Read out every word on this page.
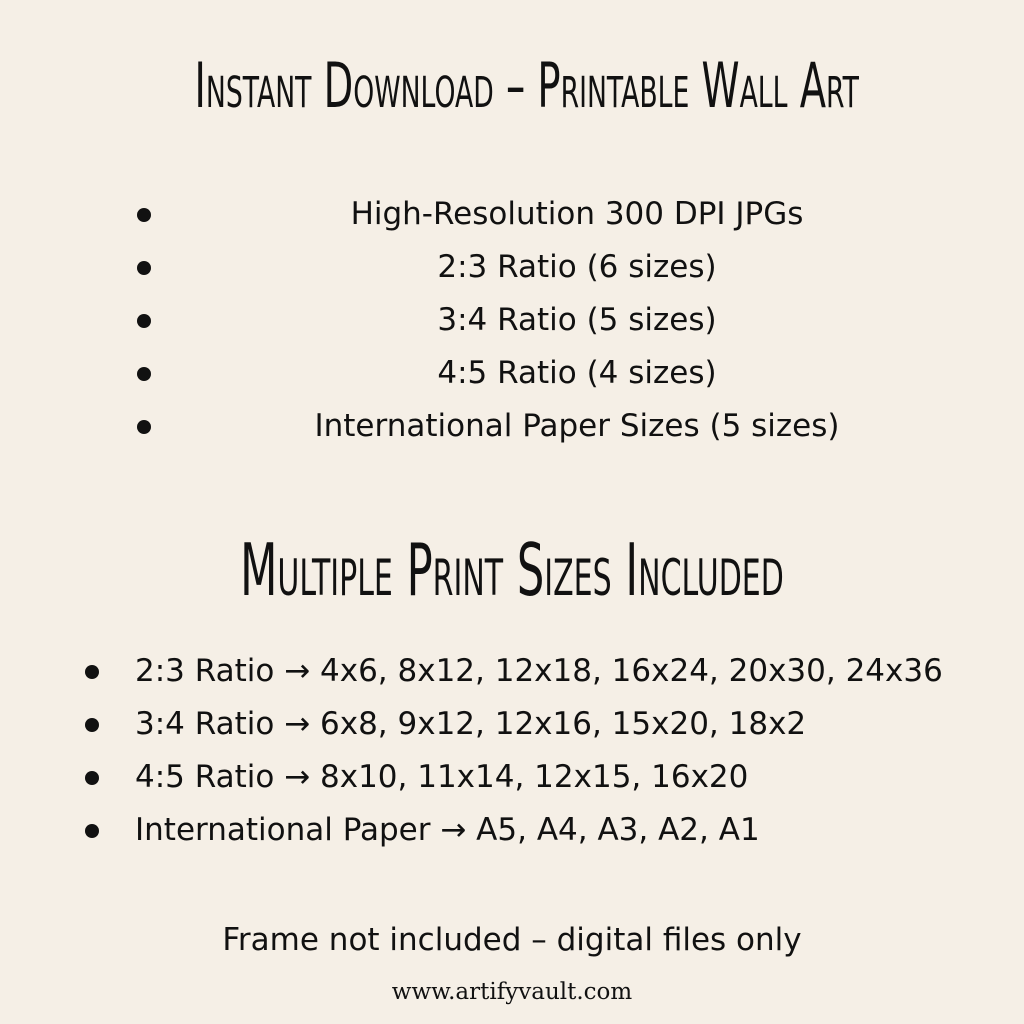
Instant Download – Printable Wall Art
High-Resolution 300 DPI JPGs
2:3 Ratio (6 sizes)
3:4 Ratio (5 sizes)
4:5 Ratio (4 sizes)
International Paper Sizes (5 sizes)
Multiple Print Sizes Included
2:3 Ratio → 4x6, 8x12, 12x18, 16x24, 20x30, 24x36
3:4 Ratio → 6x8, 9x12, 12x16, 15x20, 18x2
4:5 Ratio → 8x10, 11x14, 12x15, 16x20
International Paper → A5, A4, A3, A2, A1
Frame not included – digital files only
www.artifyvault.com
